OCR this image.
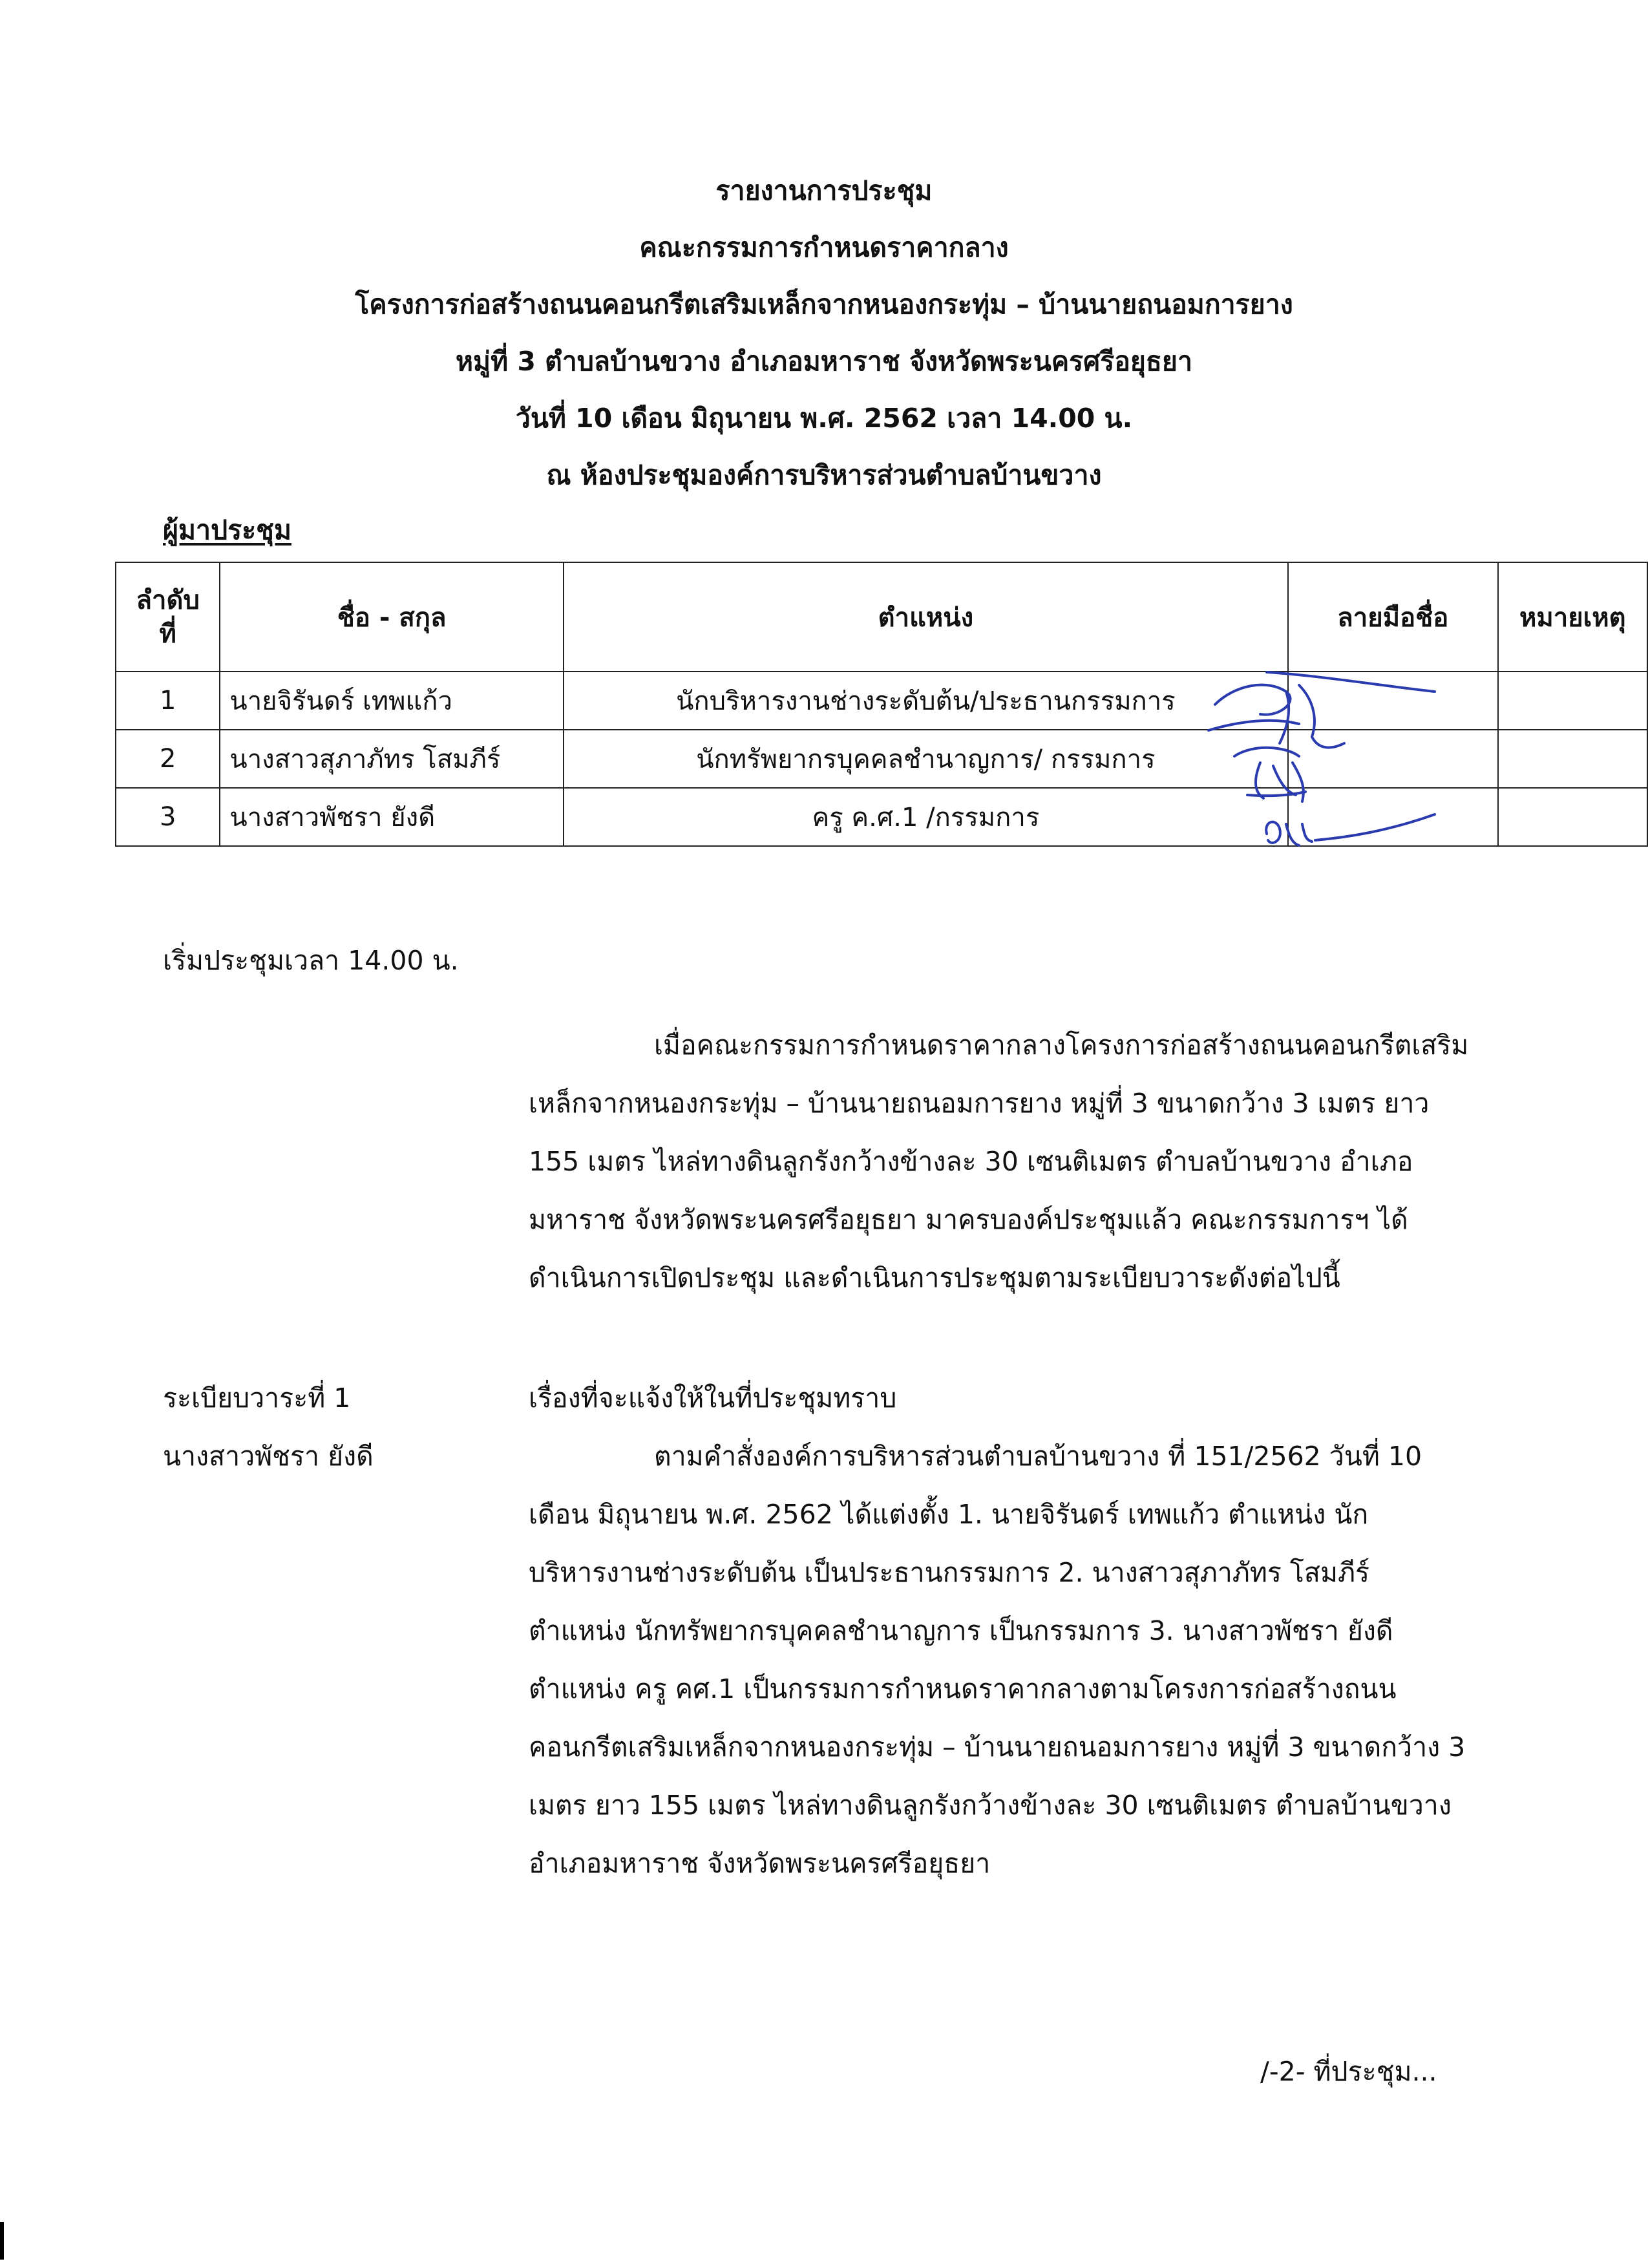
รายงานการประชุม
คณะกรรมการกำหนดราคากลาง
โครงการก่อสร้างถนนคอนกรีตเสริมเหล็กจากหนองกระทุ่ม – บ้านนายถนอมการยาง
หมู่ที่ 3 ตำบลบ้านขวาง อำเภอมหาราช จังหวัดพระนครศรีอยุธยา
วันที่ 10 เดือน มิถุนายน พ.ศ. 2562 เวลา 14.00 น.
ณ ห้องประชุมองค์การบริหารส่วนตำบลบ้านขวาง
ผู้มาประชุม
ลำดับ
ที่	ชื่อ - สกุล	ตำแหน่ง	ลายมือชื่อ	หมายเหตุ
1	นายจิรันดร์ เทพแก้ว	นักบริหารงานช่างระดับต้น/ประธานกรรมการ		
2	นางสาวสุภาภัทร โสมภีร์	นักทรัพยากรบุคคลชำนาญการ/ กรรมการ		
3	นางสาวพัชรา ยังดี	ครู ค.ศ.1 /กรรมการ		
เริ่มประชุมเวลา 14.00 น.
เมื่อคณะกรรมการกำหนดราคากลางโครงการก่อสร้างถนนคอนกรีตเสริม
เหล็กจากหนองกระทุ่ม – บ้านนายถนอมการยาง หมู่ที่ 3 ขนาดกว้าง 3 เมตร ยาว
155 เมตร ไหล่ทางดินลูกรังกว้างข้างละ 30 เซนติเมตร ตำบลบ้านขวาง อำเภอ
มหาราช จังหวัดพระนครศรีอยุธยา มาครบองค์ประชุมแล้ว คณะกรรมการฯ ได้
ดำเนินการเปิดประชุม และดำเนินการประชุมตามระเบียบวาระดังต่อไปนี้
ระเบียบวาระที่ 1
นางสาวพัชรา ยังดี
เรื่องที่จะแจ้งให้ในที่ประชุมทราบ
ตามคำสั่งองค์การบริหารส่วนตำบลบ้านขวาง ที่ 151/2562 วันที่ 10
เดือน มิถุนายน พ.ศ. 2562 ได้แต่งตั้ง 1. นายจิรันดร์ เทพแก้ว ตำแหน่ง นัก
บริหารงานช่างระดับต้น เป็นประธานกรรมการ 2. นางสาวสุภาภัทร โสมภีร์
ตำแหน่ง นักทรัพยากรบุคคลชำนาญการ เป็นกรรมการ 3. นางสาวพัชรา ยังดี
ตำแหน่ง ครู คศ.1 เป็นกรรมการกำหนดราคากลางตามโครงการก่อสร้างถนน
คอนกรีตเสริมเหล็กจากหนองกระทุ่ม – บ้านนายถนอมการยาง หมู่ที่ 3 ขนาดกว้าง 3
เมตร ยาว 155 เมตร ไหล่ทางดินลูกรังกว้างข้างละ 30 เซนติเมตร ตำบลบ้านขวาง
อำเภอมหาราช จังหวัดพระนครศรีอยุธยา
/-2- ที่ประชุม...
